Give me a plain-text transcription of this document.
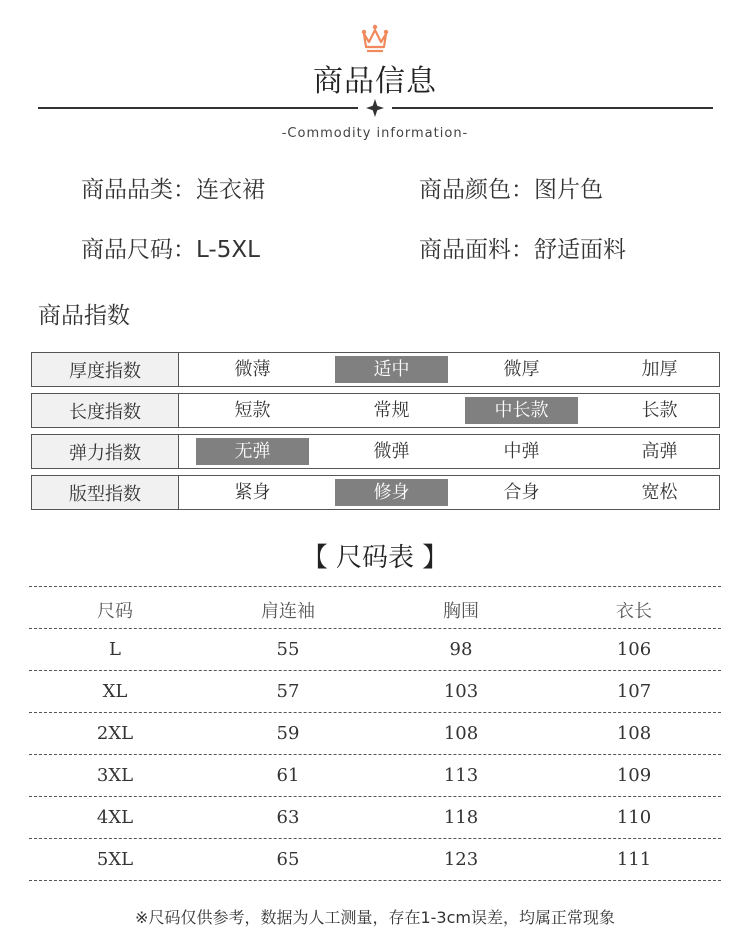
商品信息
-Commodity information-
商品品类：连衣裙	商品颜色：图片色
商品尺码：L-5XL	商品面料：舒适面料
商品指数
厚度指数	微薄	适中	微厚	加厚
长度指数	短款	常规	中长款	长款
弹力指数	无弹	微弹	中弹	高弹
版型指数	紧身	修身	合身	宽松
【 尺码表 】
尺码	肩连袖	胸围	衣长
L	55	98	106
XL	57	103	107
2XL	59	108	108
3XL	61	113	109
4XL	63	118	110
5XL	65	123	111
※尺码仅供参考，数据为人工测量，存在1-3cm误差，均属正常现象
